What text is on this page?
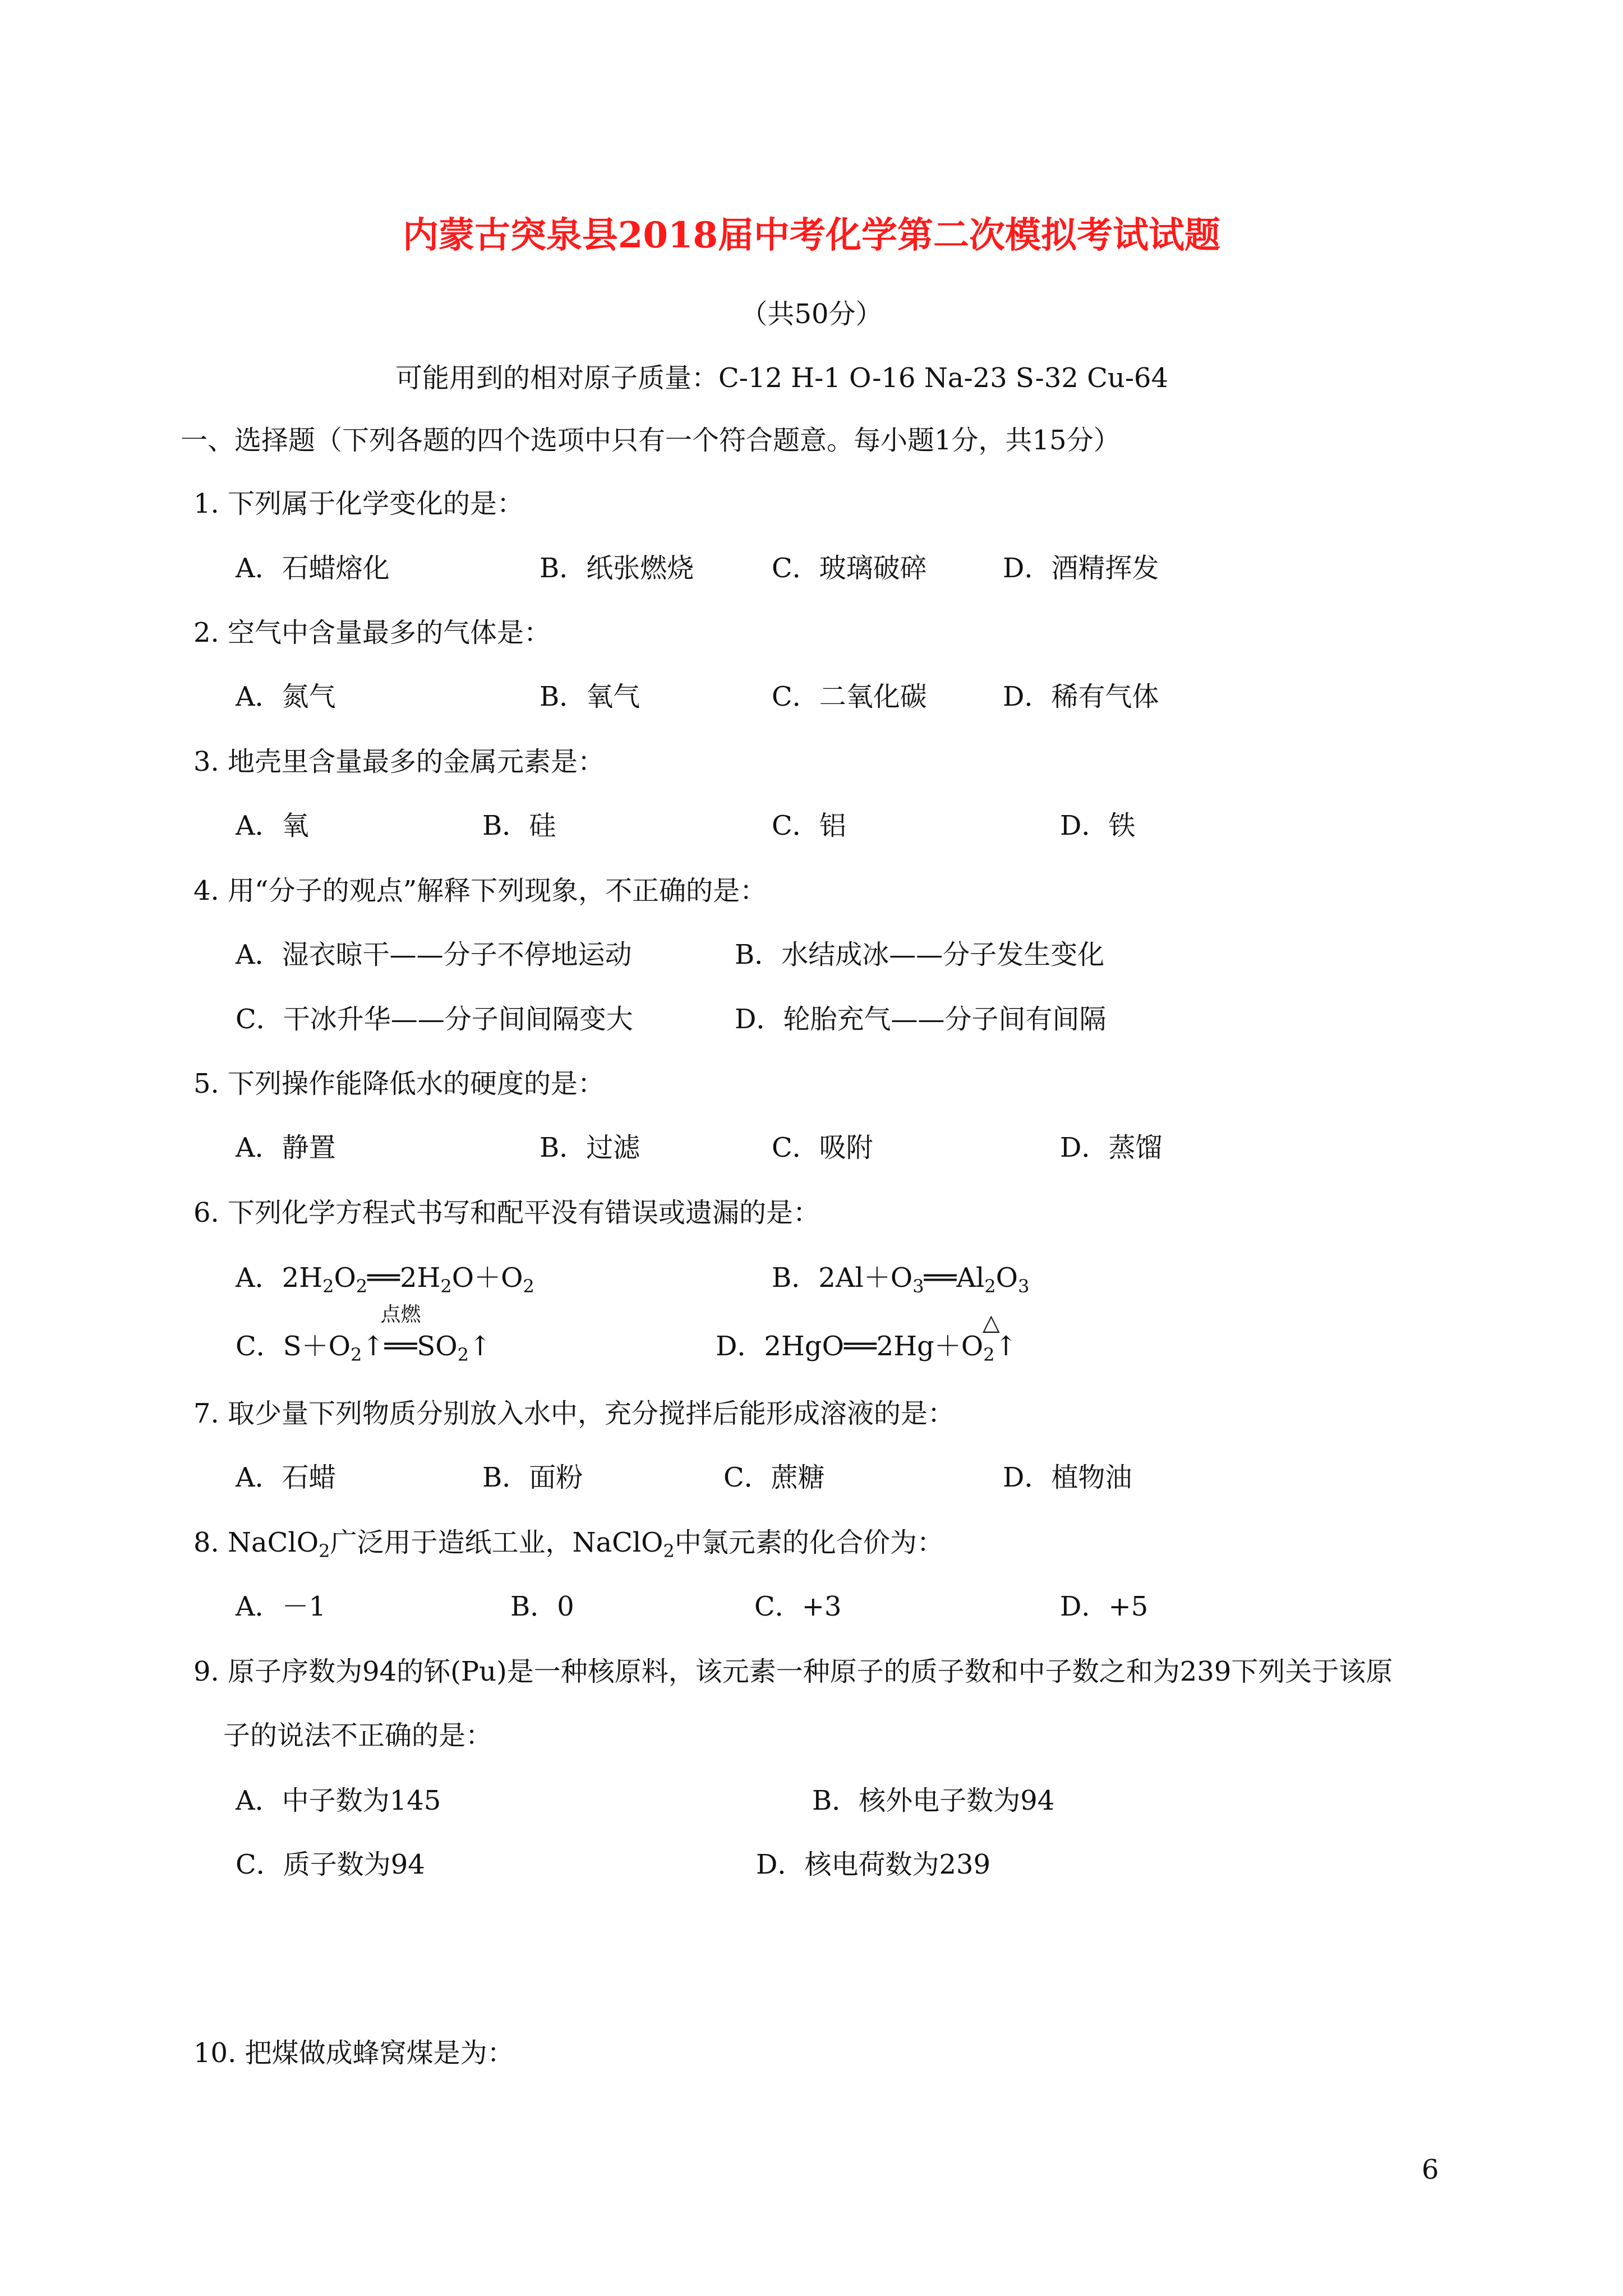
内蒙古突泉县2018届中考化学第二次模拟考试试题
（共50分）
可能用到的相对原子质量：C-12 H-1 O-16 Na-23 S-32 Cu-64
一、选择题（下列各题的四个选项中只有一个符合题意。每小题1分，共15分）
1. 下列属于化学变化的是：
A．石蜡熔化	B．纸张燃烧	C．玻璃破碎	D．酒精挥发
2. 空气中含量最多的气体是：
A．氮气	B．氧气	C．二氧化碳	D．稀有气体
3. 地壳里含量最多的金属元素是：
A．氧	B．硅	C．铝	D．铁
4. 用“分子的观点”解释下列现象，不正确的是：
A．湿衣晾干——分子不停地运动	B．水结成冰——分子发生变化
C．干冰升华——分子间间隔变大	D．轮胎充气——分子间有间隔
5. 下列操作能降低水的硬度的是：
A．静置	B．过滤	C．吸附	D．蒸馏
6. 下列化学方程式书写和配平没有错误或遗漏的是：
A．$2H_2O_2══2H_2O+O_2$	B．$2Al+O_3══Al_2O_3$
C．$S+O_2↑$
点燃
$══SO_2↑$	D．$2HgO══2Hg+O_2↑$
△
7. 取少量下列物质分别放入水中，充分搅拌后能形成溶液的是：
A．石蜡	B．面粉	C．蔗糖	D．植物油
8. NaClO$_2$广泛用于造纸工业，NaClO$_2$中氯元素的化合价为：
A．－1	B．0	C．+3	D．+5
9. 原子序数为94的钚(Pu)是一种核原料，该元素一种原子的质子数和中子数之和为239下列关于该原
子的说法不正确的是：
A．中子数为145	B．核外电子数为94
C．质子数为94	D．核电荷数为239
10. 把煤做成蜂窝煤是为：
6
